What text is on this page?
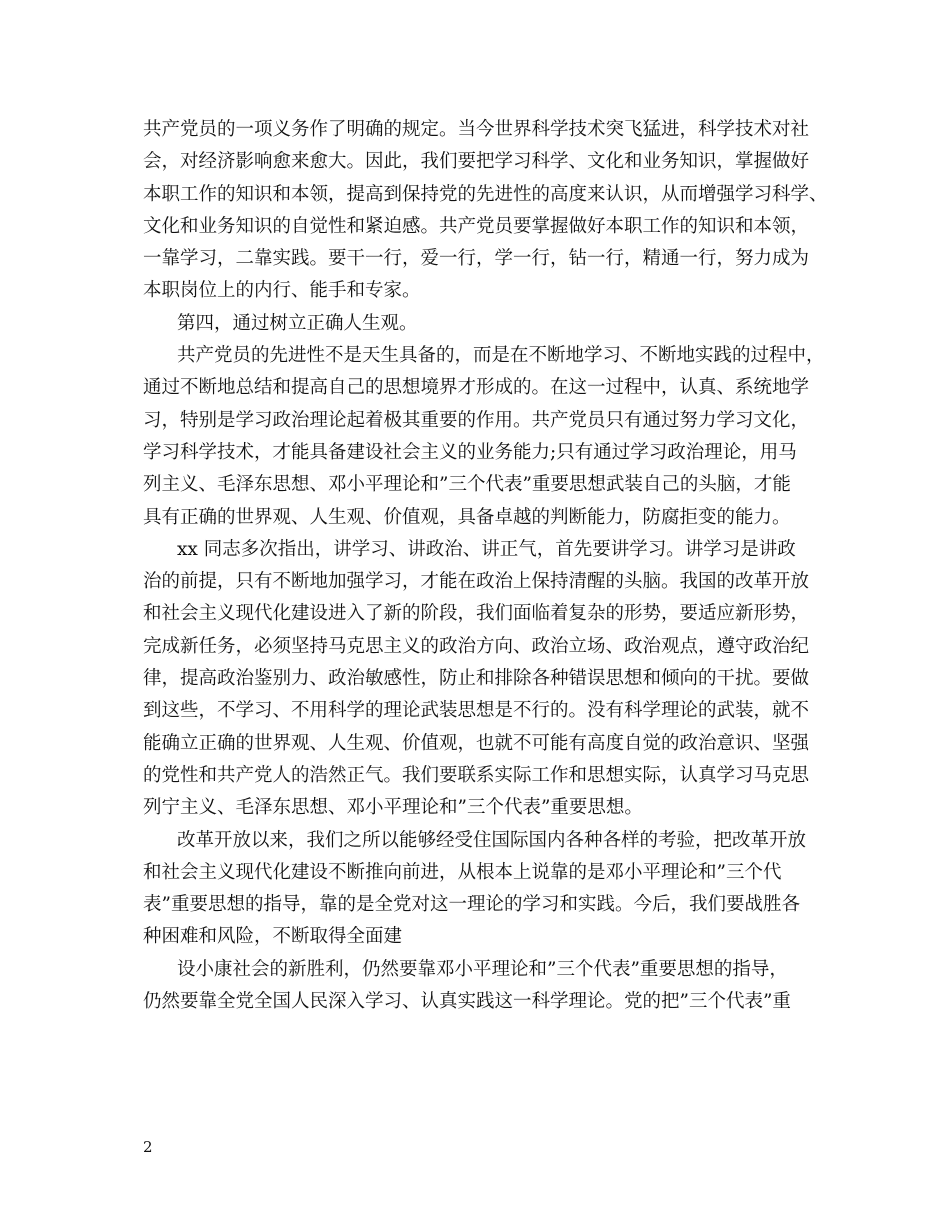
共产党员的一项义务作了明确的规定。当今世界科学技术突飞猛进，科学技术对社
会，对经济影响愈来愈大。因此，我们要把学习科学、文化和业务知识，掌握做好
本职工作的知识和本领，提高到保持党的先进性的高度来认识，从而增强学习科学、
文化和业务知识的自觉性和紧迫感。共产党员要掌握做好本职工作的知识和本领，
一靠学习，二靠实践。要干一行，爱一行，学一行，钻一行，精通一行，努力成为
本职岗位上的内行、能手和专家。
第四，通过树立正确人生观。
共产党员的先进性不是天生具备的，而是在不断地学习、不断地实践的过程中，
通过不断地总结和提高自己的思想境界才形成的。在这一过程中，认真、系统地学
习，特别是学习政治理论起着极其重要的作用。共产党员只有通过努力学习文化，
学习科学技术，才能具备建设社会主义的业务能力;只有通过学习政治理论，用马
列主义、毛泽东思想、邓小平理论和”三个代表”重要思想武装自己的头脑，才能
具有正确的世界观、人生观、价值观，具备卓越的判断能力，防腐拒变的能力。
xx 同志多次指出，讲学习、讲政治、讲正气，首先要讲学习。讲学习是讲政
治的前提，只有不断地加强学习，才能在政治上保持清醒的头脑。我国的改革开放
和社会主义现代化建设进入了新的阶段，我们面临着复杂的形势，要适应新形势，
完成新任务，必须坚持马克思主义的政治方向、政治立场、政治观点，遵守政治纪
律，提高政治鉴别力、政治敏感性，防止和排除各种错误思想和倾向的干扰。要做
到这些，不学习、不用科学的理论武装思想是不行的。没有科学理论的武装，就不
能确立正确的世界观、人生观、价值观，也就不可能有高度自觉的政治意识、坚强
的党性和共产党人的浩然正气。我们要联系实际工作和思想实际，认真学习马克思
列宁主义、毛泽东思想、邓小平理论和”三个代表”重要思想。
改革开放以来，我们之所以能够经受住国际国内各种各样的考验，把改革开放
和社会主义现代化建设不断推向前进，从根本上说靠的是邓小平理论和”三个代
表”重要思想的指导，靠的是全党对这一理论的学习和实践。今后，我们要战胜各
种困难和风险，不断取得全面建
设小康社会的新胜利，仍然要靠邓小平理论和”三个代表”重要思想的指导，
仍然要靠全党全国人民深入学习、认真实践这一科学理论。党的把”三个代表”重
2
